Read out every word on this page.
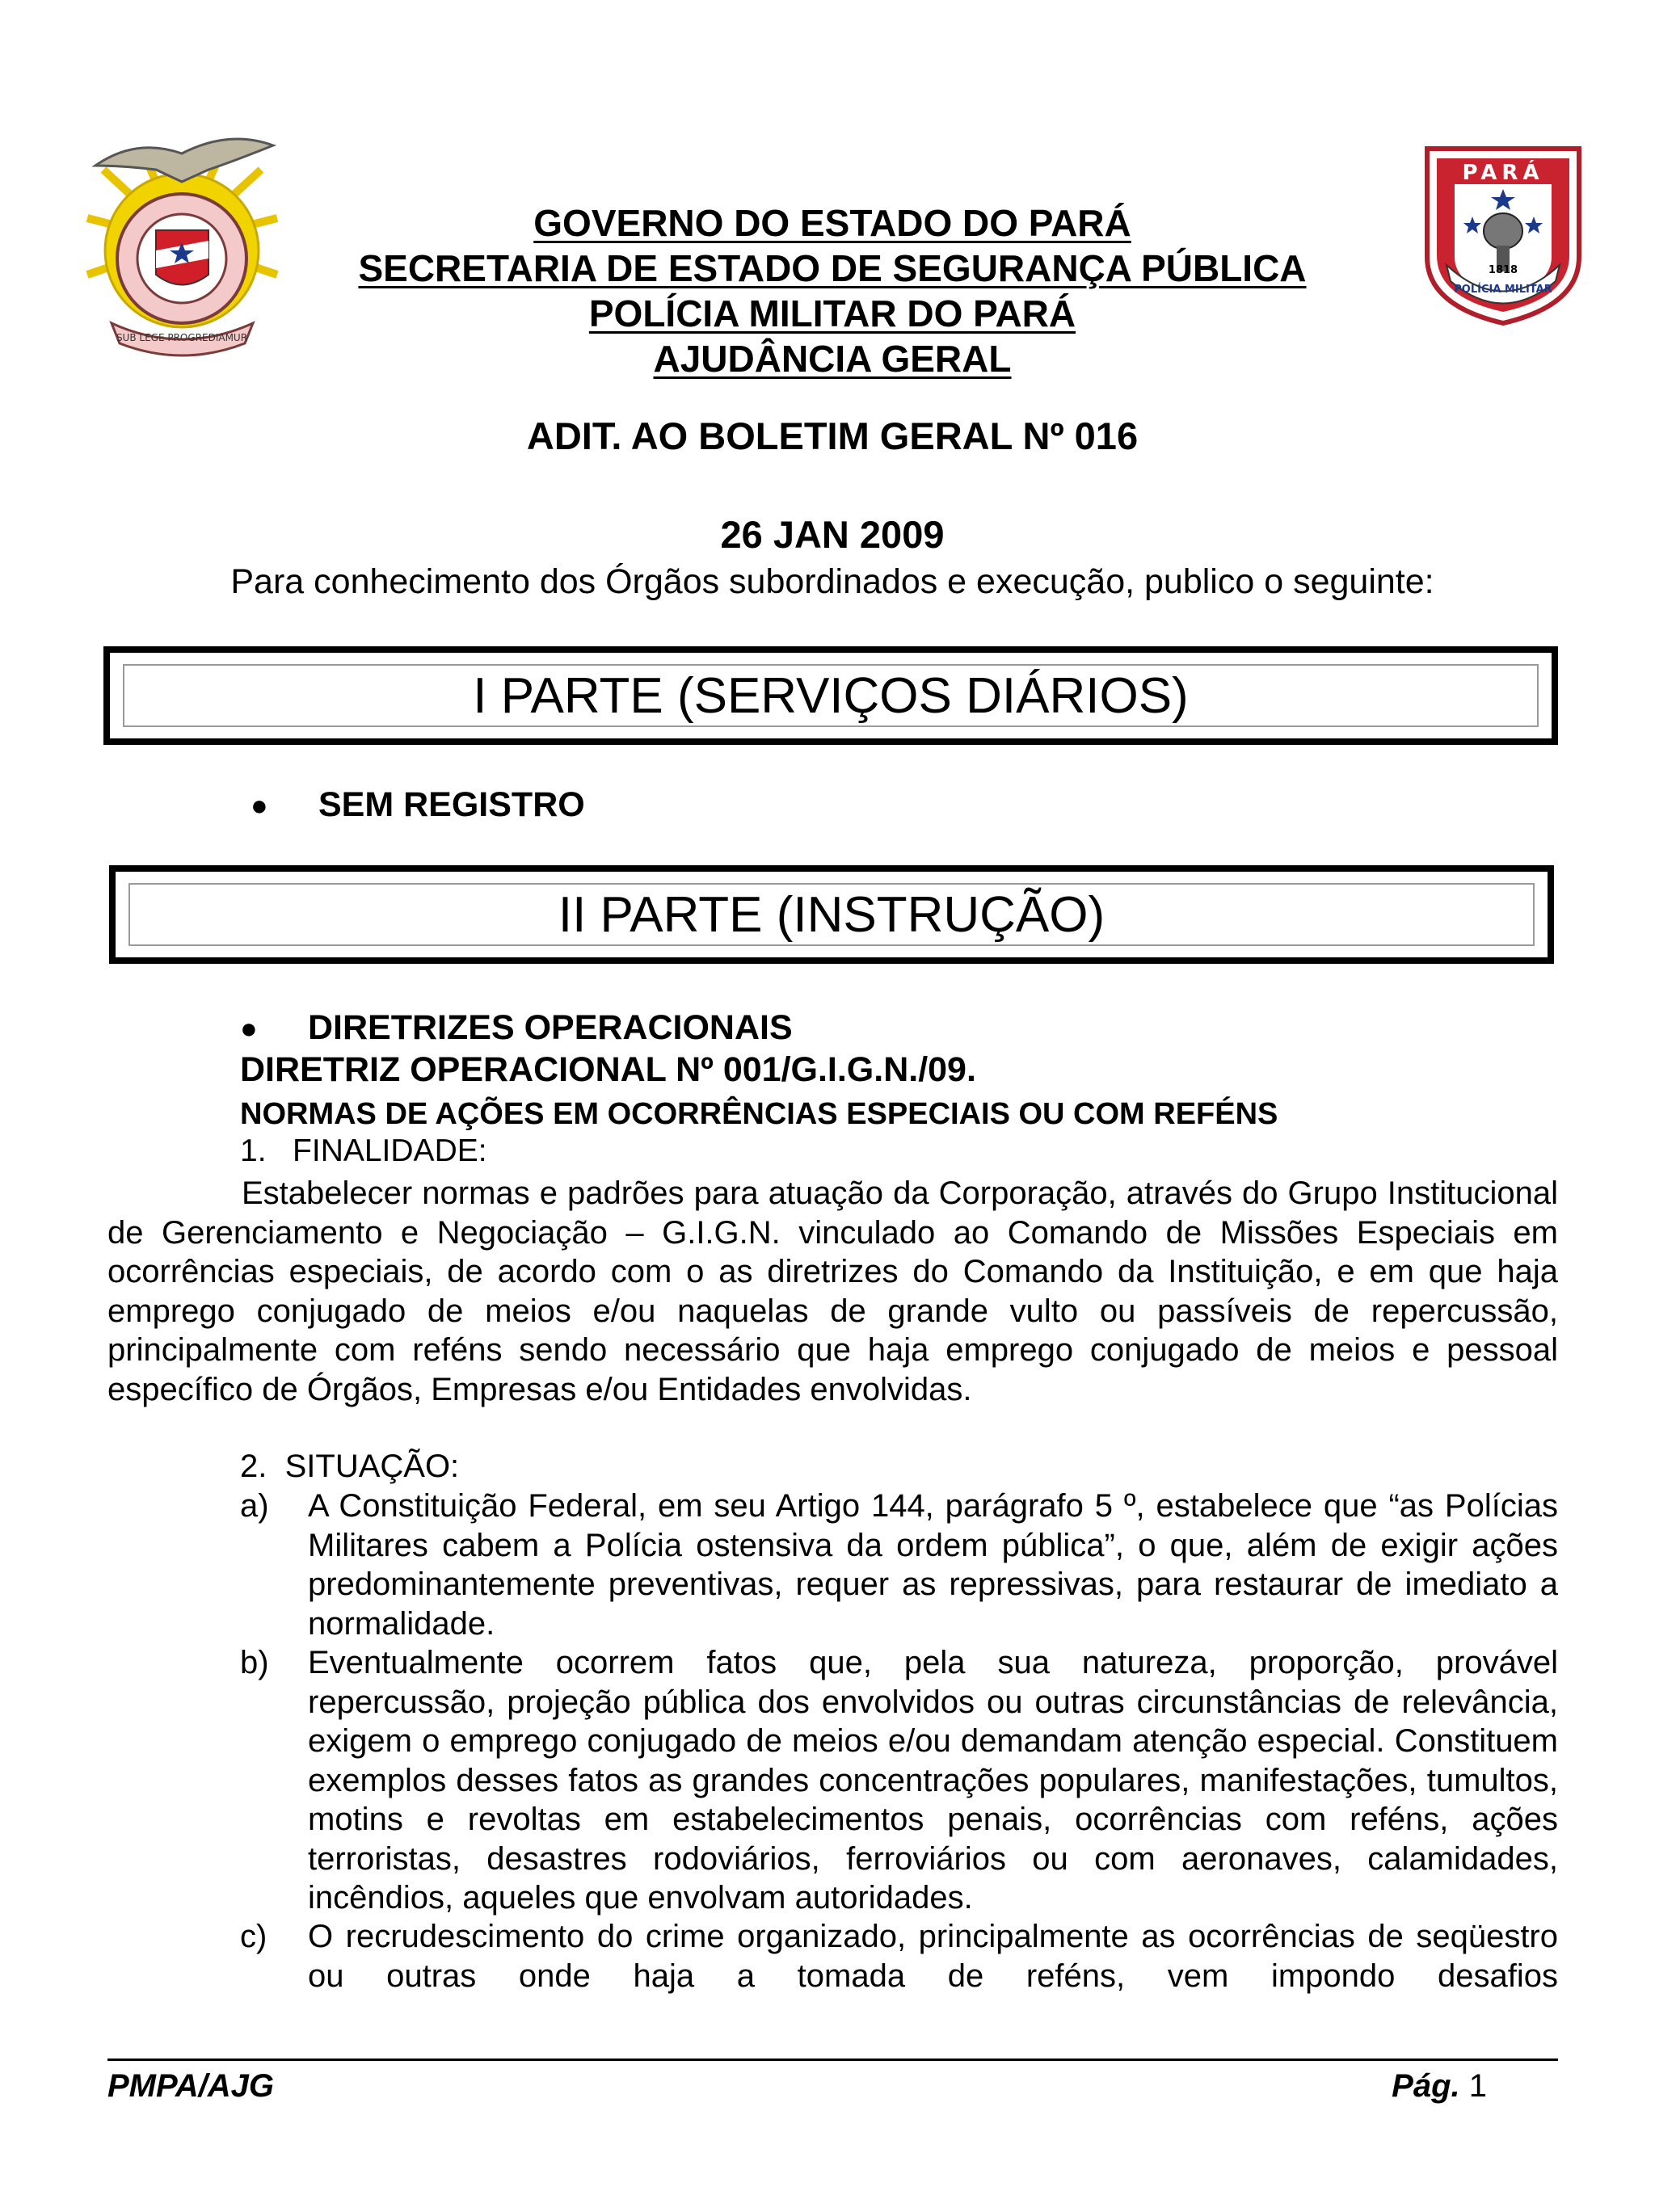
SUB LEGE PROGREDIAMUR
PARÁ
1818
POLÍCIA MILITAR
GOVERNO DO ESTADO DO PARÁ
SECRETARIA DE ESTADO DE SEGURANÇA PÚBLICA
POLÍCIA MILITAR DO PARÁ
AJUDÂNCIA GERAL
ADIT. AO BOLETIM GERAL Nº 016
26 JAN 2009
Para conhecimento dos Órgãos subordinados e execução, publico o seguinte:
I PARTE (SERVIÇOS DIÁRIOS)
●	SEM REGISTRO
II PARTE (INSTRUÇÃO)
●	DIRETRIZES OPERACIONAIS
DIRETRIZ OPERACIONAL Nº 001/G.I.G.N./09.
NORMAS DE AÇÕES EM OCORRÊNCIAS ESPECIAIS OU COM REFÉNS
1.   FINALIDADE:
Estabelecer normas e padrões para atuação da Corporação, através do Grupo Institucional de Gerenciamento e Negociação – G.I.G.N. vinculado ao Comando de Missões Especiais em ocorrências especiais, de acordo com o as diretrizes do Comando da Instituição, e em que haja emprego conjugado de meios e/ou naquelas de grande vulto ou passíveis de repercussão, principalmente com reféns sendo necessário que haja emprego conjugado de meios e pessoal específico de Órgãos, Empresas e/ou Entidades envolvidas.
2.  SITUAÇÃO:
a)	A Constituição Federal, em seu Artigo 144, parágrafo 5 º, estabelece que “as Polícias Militares cabem a Polícia ostensiva da ordem pública”, o que, além de exigir ações predominantemente preventivas, requer as repressivas, para restaurar de imediato a normalidade.
b)	Eventualmente ocorrem fatos que, pela sua natureza, proporção, provável repercussão, projeção pública dos envolvidos ou outras circunstâncias de relevância, exigem o emprego conjugado de meios e/ou demandam atenção especial. Constituem exemplos desses fatos as grandes concentrações populares, manifestações, tumultos, motins e revoltas em estabelecimentos penais, ocorrências com reféns, ações terroristas, desastres rodoviários, ferroviários ou com aeronaves, calamidades, incêndios, aqueles que envolvam autoridades.
c)	O recrudescimento do crime organizado, principalmente as ocorrências de seqüestro ou outras onde haja a tomada de reféns, vem impondo desafios
PMPA/AJG	Pág. 1
